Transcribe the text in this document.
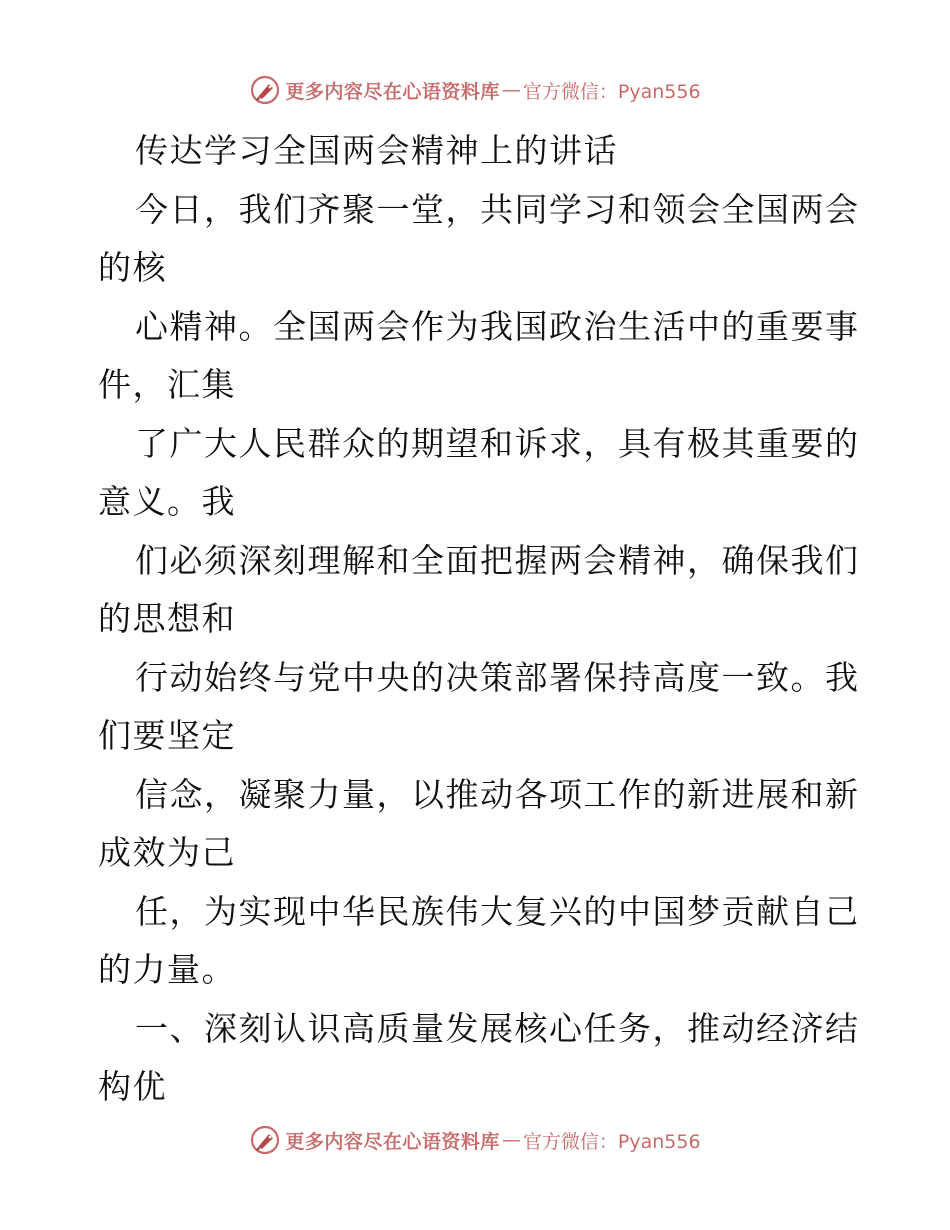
更多内容尽在心语资料库 — 官方微信：Pyan556
传达学习全国两会精神上的讲话
今日，我们齐聚一堂，共同学习和领会全国两会
的核
心精神。全国两会作为我国政治生活中的重要事
件，汇集
了广大人民群众的期望和诉求，具有极其重要的
意义。我
们必须深刻理解和全面把握两会精神，确保我们
的思想和
行动始终与党中央的决策部署保持高度一致。我
们要坚定
信念，凝聚力量，以推动各项工作的新进展和新
成效为己
任，为实现中华民族伟大复兴的中国梦贡献自己
的力量。
一、深刻认识高质量发展核心任务，推动经济结
构优
更多内容尽在心语资料库 — 官方微信：Pyan556
